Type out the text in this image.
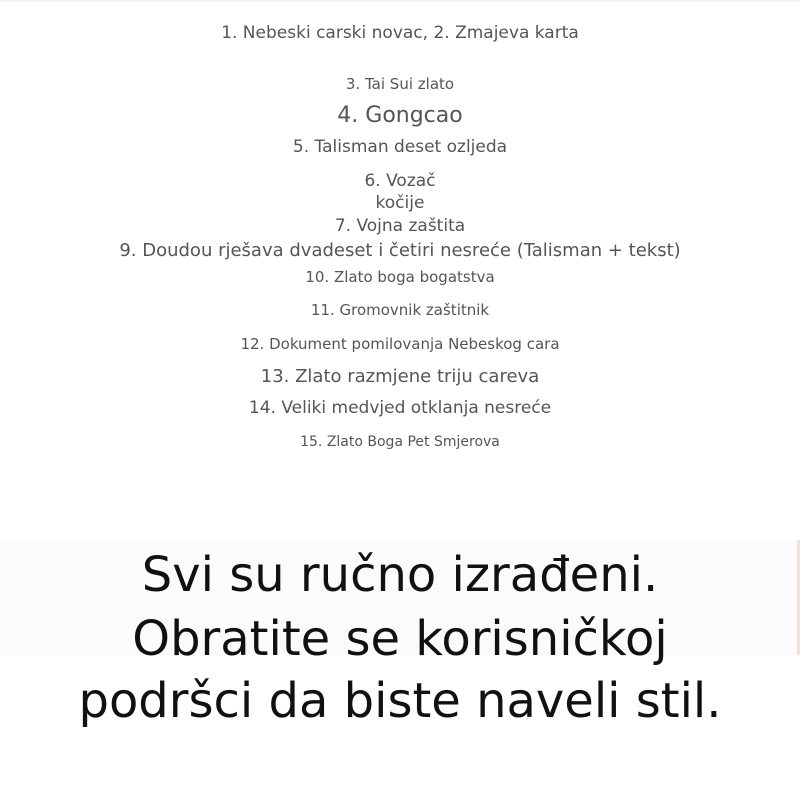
1. Nebeski carski novac, 2. Zmajeva karta
3. Tai Sui zlato
4. Gongcao
5. Talisman deset ozljeda
6. Vozač
kočije
7. Vojna zaštita
9. Doudou rješava dvadeset i četiri nesreće (Talisman + tekst)
10. Zlato boga bogatstva
11. Gromovnik zaštitnik
12. Dokument pomilovanja Nebeskog cara
13. Zlato razmjene triju careva
14. Veliki medvjed otklanja nesreće
15. Zlato Boga Pet Smjerova
Svi su ručno izrađeni.
Obratite se korisničkoj
podršci da biste naveli stil.
